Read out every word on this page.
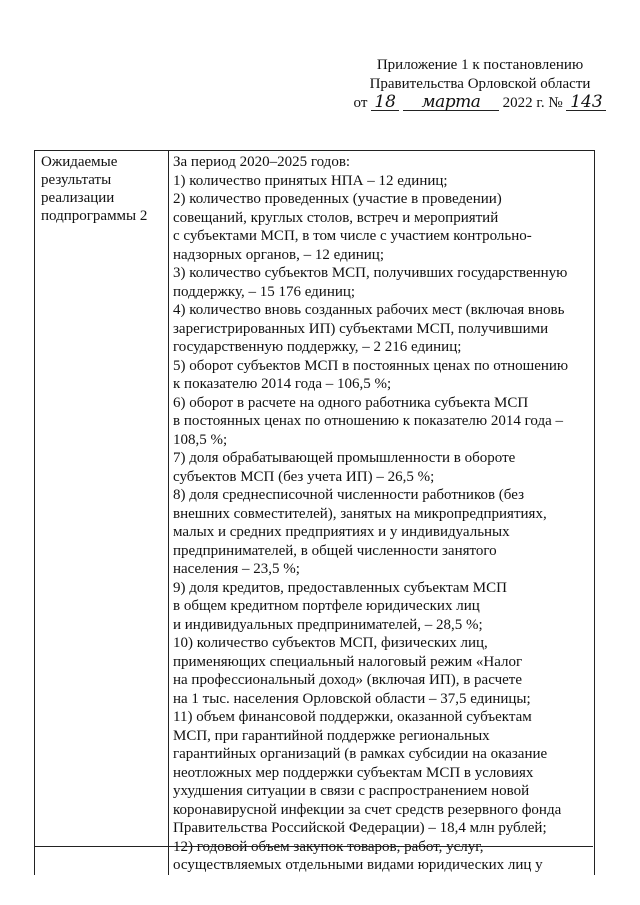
Приложение 1 к постановлению
Правительства Орловской области
от 18 марта 2022 г. № 143
Ожидаемые
результаты
реализации
подпрограммы 2
За период 2020–2025 годов:
1) количество принятых НПА – 12 единиц;
2) количество проведенных (участие в проведении)
совещаний, круглых столов, встреч и мероприятий
с субъектами МСП, в том числе с участием контрольно-
надзорных органов, – 12 единиц;
3) количество субъектов МСП, получивших государственную
поддержку, – 15 176 единиц;
4) количество вновь созданных рабочих мест (включая вновь
зарегистрированных ИП) субъектами МСП, получившими
государственную поддержку, – 2 216 единиц;
5) оборот субъектов МСП в постоянных ценах по отношению
к показателю 2014 года – 106,5 %;
6) оборот в расчете на одного работника субъекта МСП
в постоянных ценах по отношению к показателю 2014 года –
108,5 %;
7) доля обрабатывающей промышленности в обороте
субъектов МСП (без учета ИП) – 26,5 %;
8) доля среднесписочной численности работников (без
внешних совместителей), занятых на микропредприятиях,
малых и средних предприятиях и у индивидуальных
предпринимателей, в общей численности занятого
населения – 23,5 %;
9) доля кредитов, предоставленных субъектам МСП
в общем кредитном портфеле юридических лиц
и индивидуальных предпринимателей, – 28,5 %;
10) количество субъектов МСП, физических лиц,
применяющих специальный налоговый режим «Налог
на профессиональный доход» (включая ИП), в расчете
на 1 тыс. населения Орловской области – 37,5 единицы;
11) объем финансовой поддержки, оказанной субъектам
МСП, при гарантийной поддержке региональных
гарантийных организаций (в рамках субсидии на оказание
неотложных мер поддержки субъектам МСП в условиях
ухудшения ситуации в связи с распространением новой
коронавирусной инфекции за счет средств резервного фонда
Правительства Российской Федерации) – 18,4 млн рублей;
12) годовой объем закупок товаров, работ, услуг,
осуществляемых отдельными видами юридических лиц у
